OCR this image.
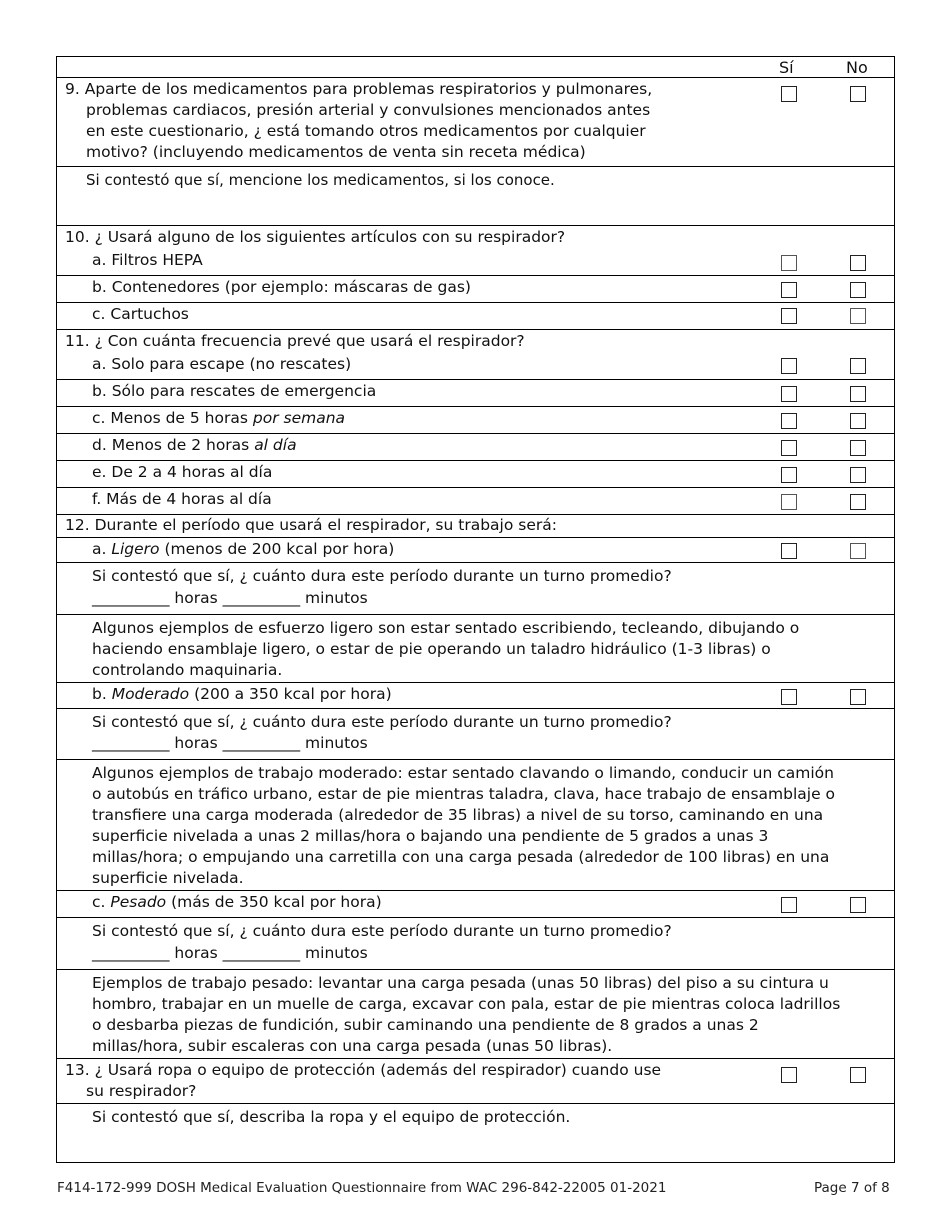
Sí	No
9. Aparte de los medicamentos para problemas respiratorios y pulmonares,
problemas cardiacos, presión arterial y convulsiones mencionados antes
en este cuestionario, ¿ está tomando otros medicamentos por cualquier
motivo? (incluyendo medicamentos de venta sin receta médica)
Si contestó que sí, mencione los medicamentos, si los conoce.
10. ¿ Usará alguno de los siguientes artículos con su respirador?
a. Filtros HEPA
b. Contenedores (por ejemplo: máscaras de gas)
c. Cartuchos
11. ¿ Con cuánta frecuencia prevé que usará el respirador?
a. Solo para escape (no rescates)
b. Sólo para rescates de emergencia
c. Menos de 5 horas por semana
d. Menos de 2 horas al día
e. De 2 a 4 horas al día
f. Más de 4 horas al día
12. Durante el período que usará el respirador, su trabajo será:
a. Ligero (menos de 200 kcal por hora)
Si contestó que sí, ¿ cuánto dura este período durante un turno promedio?
__________ horas __________ minutos
Algunos ejemplos de esfuerzo ligero son estar sentado escribiendo, tecleando, dibujando o
haciendo ensamblaje ligero, o estar de pie operando un taladro hidráulico (1-3 libras) o
controlando maquinaria.
b. Moderado (200 a 350 kcal por hora)
Si contestó que sí, ¿ cuánto dura este período durante un turno promedio?
__________ horas __________ minutos
Algunos ejemplos de trabajo moderado: estar sentado clavando o limando, conducir un camión
o autobús en tráfico urbano, estar de pie mientras taladra, clava, hace trabajo de ensamblaje o
transfiere una carga moderada (alrededor de 35 libras) a nivel de su torso, caminando en una
superficie nivelada a unas 2 millas/hora o bajando una pendiente de 5 grados a unas 3
millas/hora; o empujando una carretilla con una carga pesada (alrededor de 100 libras) en una
superficie nivelada.
c. Pesado (más de 350 kcal por hora)
Si contestó que sí, ¿ cuánto dura este período durante un turno promedio?
__________ horas __________ minutos
Ejemplos de trabajo pesado: levantar una carga pesada (unas 50 libras) del piso a su cintura u
hombro, trabajar en un muelle de carga, excavar con pala, estar de pie mientras coloca ladrillos
o desbarba piezas de fundición, subir caminando una pendiente de 8 grados a unas 2
millas/hora, subir escaleras con una carga pesada (unas 50 libras).
13. ¿ Usará ropa o equipo de protección (además del respirador) cuando use
su respirador?
Si contestó que sí, describa la ropa y el equipo de protección.
F414-172-999 DOSH Medical Evaluation Questionnaire from WAC 296-842-22005 01-2021	Page 7 of 8
